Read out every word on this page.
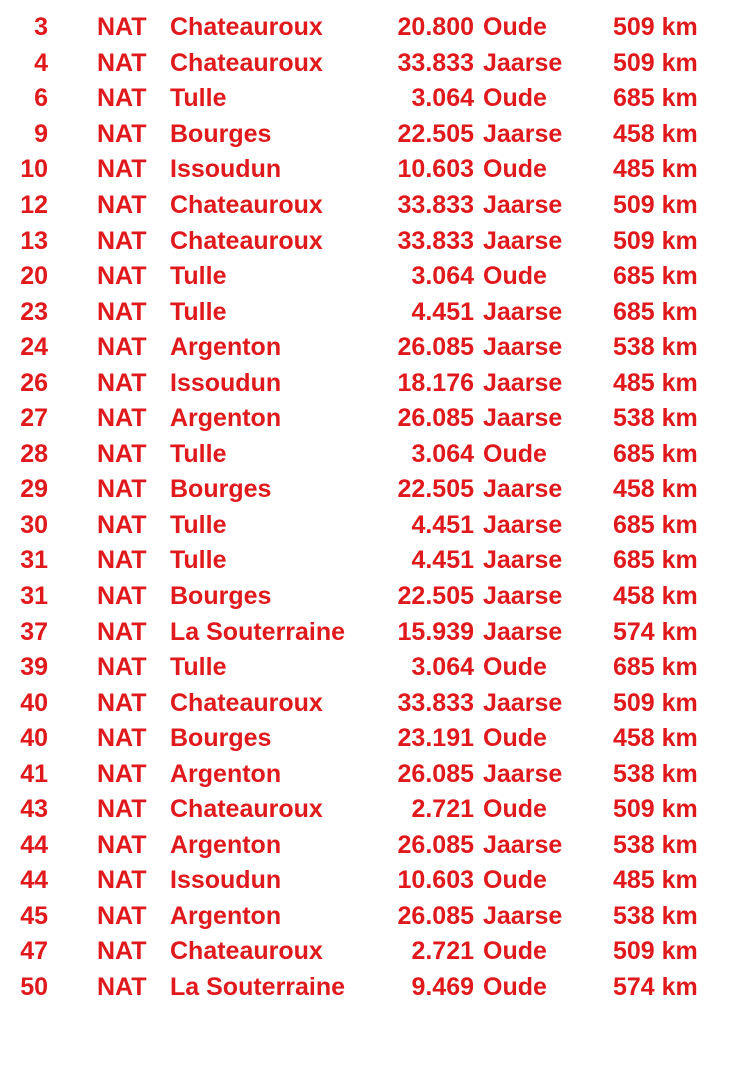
3 NAT Chateauroux	20.800 Oude	509 km
4 NAT Chateauroux	33.833 Jaarse 509 km
6 NAT Tulle	3.064 Oude	685 km
9 NAT Bourges	22.505 Jaarse 458 km
10 NAT Issoudun	10.603 Oude	485 km
12 NAT Chateauroux	33.833 Jaarse 509 km
13 NAT Chateauroux	33.833 Jaarse 509 km
20 NAT Tulle	3.064 Oude	685 km
23 NAT Tulle	4.451 Jaarse 685 km
24 NAT Argenton	26.085 Jaarse 538 km
26 NAT Issoudun	18.176 Jaarse 485 km
27 NAT Argenton	26.085 Jaarse 538 km
28 NAT Tulle	3.064 Oude	685 km
29 NAT Bourges	22.505 Jaarse 458 km
30 NAT Tulle	4.451 Jaarse 685 km
31 NAT Tulle	4.451 Jaarse 685 km
31 NAT Bourges	22.505 Jaarse 458 km
37 NAT La Souterraine	15.939 Jaarse 574 km
39 NAT Tulle	3.064 Oude	685 km
40 NAT Chateauroux	33.833 Jaarse 509 km
40 NAT Bourges	23.191 Oude	458 km
41 NAT Argenton	26.085 Jaarse 538 km
43 NAT Chateauroux	2.721 Oude	509 km
44 NAT Argenton	26.085 Jaarse 538 km
44 NAT Issoudun	10.603 Oude	485 km
45 NAT Argenton	26.085 Jaarse 538 km
47 NAT Chateauroux	2.721 Oude	509 km
50 NAT La Souterraine	9.469 Oude	574 km
